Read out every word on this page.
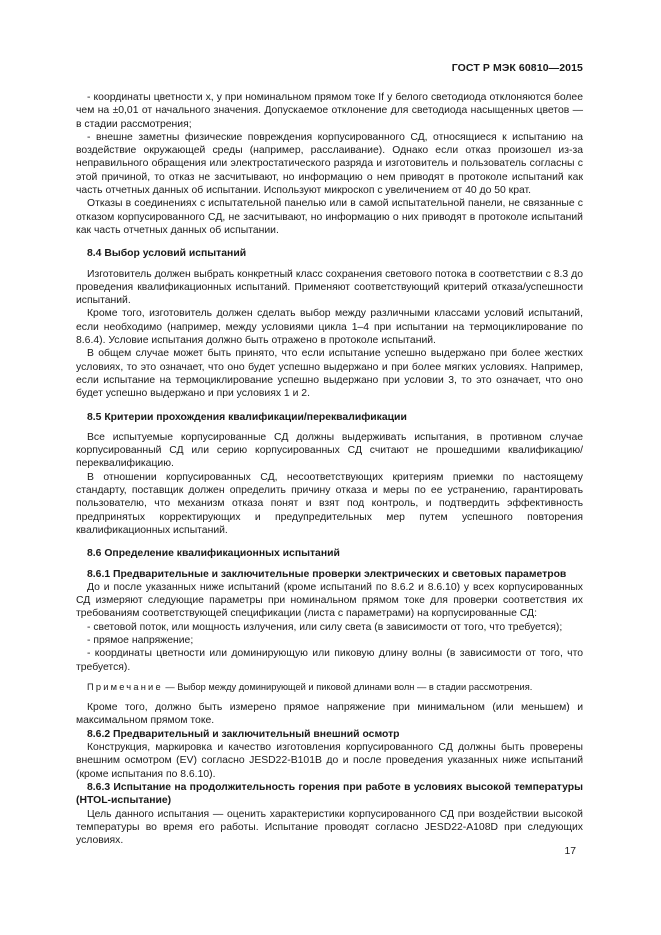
ГОСТ Р МЭК 60810—2015

- координаты цветности x, y при номинальном прямом токе If у белого светодиода отклоняются более чем на ±0,01 от начального значения. Допускаемое отклонение для светодиода насыщенных цветов — в стадии рассмотрения;

- внешне заметны физические повреждения корпусированного СД, относящиеся к испытанию на воздействие окружающей среды (например, расслаивание). Однако если отказ произошел из-за неправильного обращения или электростатического разряда и изготовитель и пользователь согласны с этой причиной, то отказ не засчитывают, но информацию о нем приводят в протоколе испытаний как часть отчетных данных об испытании. Используют микроскоп с увеличением от 40 до 50 крат.

Отказы в соединениях с испытательной панелью или в самой испытательной панели, не связанные с отказом корпусированного СД, не засчитывают, но информацию о них приводят в протоколе испытаний как часть отчетных данных об испытании.

8.4 Выбор условий испытаний

Изготовитель должен выбрать конкретный класс сохранения светового потока в соответствии с 8.3 до проведения квалификационных испытаний. Применяют соответствующий критерий отказа/успешности испытаний.

Кроме того, изготовитель должен сделать выбор между различными классами условий испытаний, если необходимо (например, между условиями цикла 1–4 при испытании на термоциклирование по 8.6.4). Условие испытания должно быть отражено в протоколе испытаний.

В общем случае может быть принято, что если испытание успешно выдержано при более жестких условиях, то это означает, что оно будет успешно выдержано и при более мягких условиях. Например, если испытание на термоциклирование успешно выдержано при условии 3, то это означает, что оно будет успешно выдержано и при условиях 1 и 2.

8.5 Критерии прохождения квалификации/переквалификации

Все испытуемые корпусированные СД должны выдерживать испытания, в противном случае корпусированный СД или серию корпусированных СД считают не прошедшими квалификацию/переквалификацию.

В отношении корпусированных СД, несоответствующих критериям приемки по настоящему стандарту, поставщик должен определить причину отказа и меры по ее устранению, гарантировать пользователю, что механизм отказа понят и взят под контроль, и подтвердить эффективность предпринятых корректирующих и предупредительных мер путем успешного повторения квалификационных испытаний.

8.6 Определение квалификационных испытаний

8.6.1 Предварительные и заключительные проверки электрических и световых параметров

До и после указанных ниже испытаний (кроме испытаний по 8.6.2 и 8.6.10) у всех корпусированных СД измеряют следующие параметры при номинальном прямом токе для проверки соответствия их требованиям соответствующей спецификации (листа с параметрами) на корпусированные СД:

- световой поток, или мощность излучения, или силу света (в зависимости от того, что требуется);

- прямое напряжение;

- координаты цветности или доминирующую или пиковую длину волны (в зависимости от того, что требуется).

Примечание — Выбор между доминирующей и пиковой длинами волн — в стадии рассмотрения.

Кроме того, должно быть измерено прямое напряжение при минимальном (или меньшем) и максимальном прямом токе.

8.6.2 Предварительный и заключительный внешний осмотр

Конструкция, маркировка и качество изготовления корпусированного СД должны быть проверены внешним осмотром (EV) согласно JESD22-B101B до и после проведения указанных ниже испытаний (кроме испытания по 8.6.10).

8.6.3 Испытание на продолжительность горения при работе в условиях высокой температуры (HTOL-испытание)

Цель данного испытания — оценить характеристики корпусированного СД при воздействии высокой температуры во время его работы. Испытание проводят согласно JESD22-A108D при следующих условиях.

17
